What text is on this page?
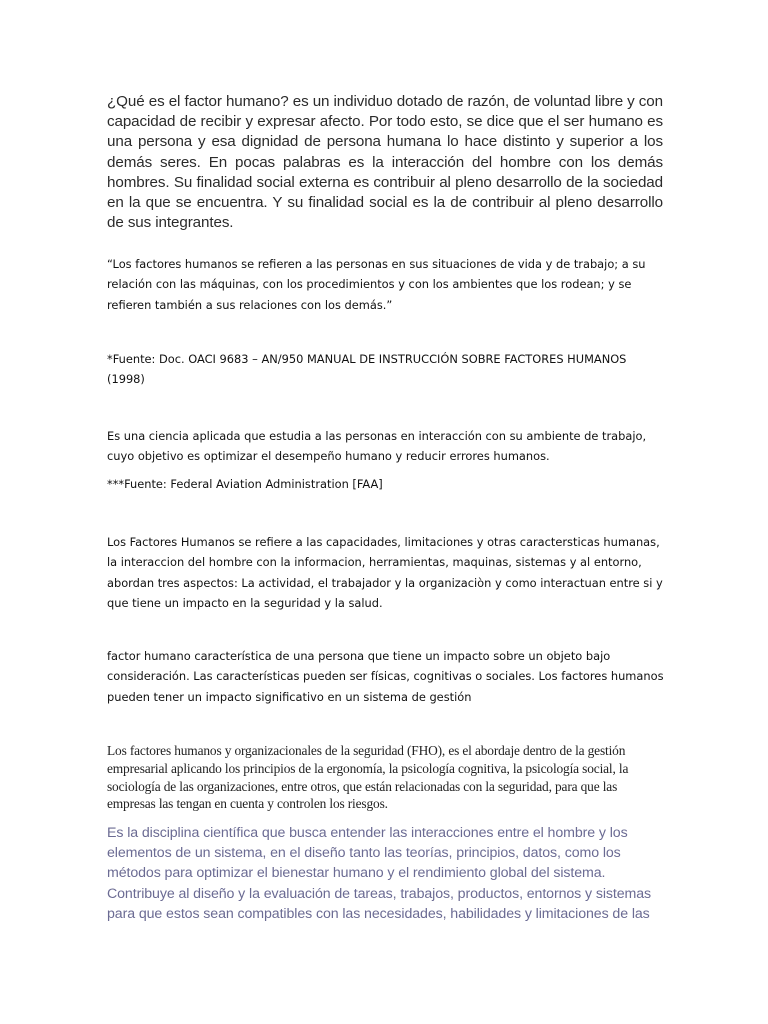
¿Qué es el factor humano? es un individuo dotado de razón, de voluntad libre y con capacidad de recibir y expresar afecto. Por todo esto, se dice que el ser humano es una persona y esa dignidad de persona humana lo hace distinto y superior a los demás seres. En pocas palabras es la interacción del hombre con los demás hombres. Su finalidad social externa es contribuir al pleno desarrollo de la sociedad en la que se encuentra. Y su finalidad social es la de contribuir al pleno desarrollo de sus integrantes.

“Los factores humanos se refieren a las personas en sus situaciones de vida y de trabajo; a su relación con las máquinas, con los procedimientos y con los ambientes que los rodean; y se refieren también a sus relaciones con los demás.”

*Fuente: Doc. OACI 9683 – AN/950 MANUAL DE INSTRUCCIÓN SOBRE FACTORES HUMANOS (1998)

Es una ciencia aplicada que estudia a las personas en interacción con su ambiente de trabajo, cuyo objetivo es optimizar el desempeño humano y reducir errores humanos.

***Fuente: Federal Aviation Administration [FAA]

Los Factores Humanos se refiere a las capacidades, limitaciones y otras caractersticas humanas, la interaccion del hombre con la informacion, herramientas, maquinas, sistemas y al entorno, abordan tres aspectos: La actividad, el trabajador y la organizaciòn y como interactuan entre si y que tiene un impacto en la seguridad y la salud.

factor humano característica de una persona que tiene un impacto sobre un objeto bajo consideración. Las características pueden ser físicas, cognitivas o sociales. Los factores humanos pueden tener un impacto significativo en un sistema de gestión

Los factores humanos y organizacionales de la seguridad (FHO), es el abordaje dentro de la gestión empresarial aplicando los principios de la ergonomía, la psicología cognitiva, la psicología social, la sociología de las organizaciones, entre otros, que están relacionadas con la seguridad, para que las empresas las tengan en cuenta y controlen los riesgos.

Es la disciplina científica que busca entender las interacciones entre el hombre y los elementos de un sistema, en el diseño tanto las teorías, principios, datos, como los métodos para optimizar el bienestar humano y el rendimiento global del sistema. Contribuye al diseño y la evaluación de tareas, trabajos, productos, entornos y sistemas para que estos sean compatibles con las necesidades, habilidades y limitaciones de las
